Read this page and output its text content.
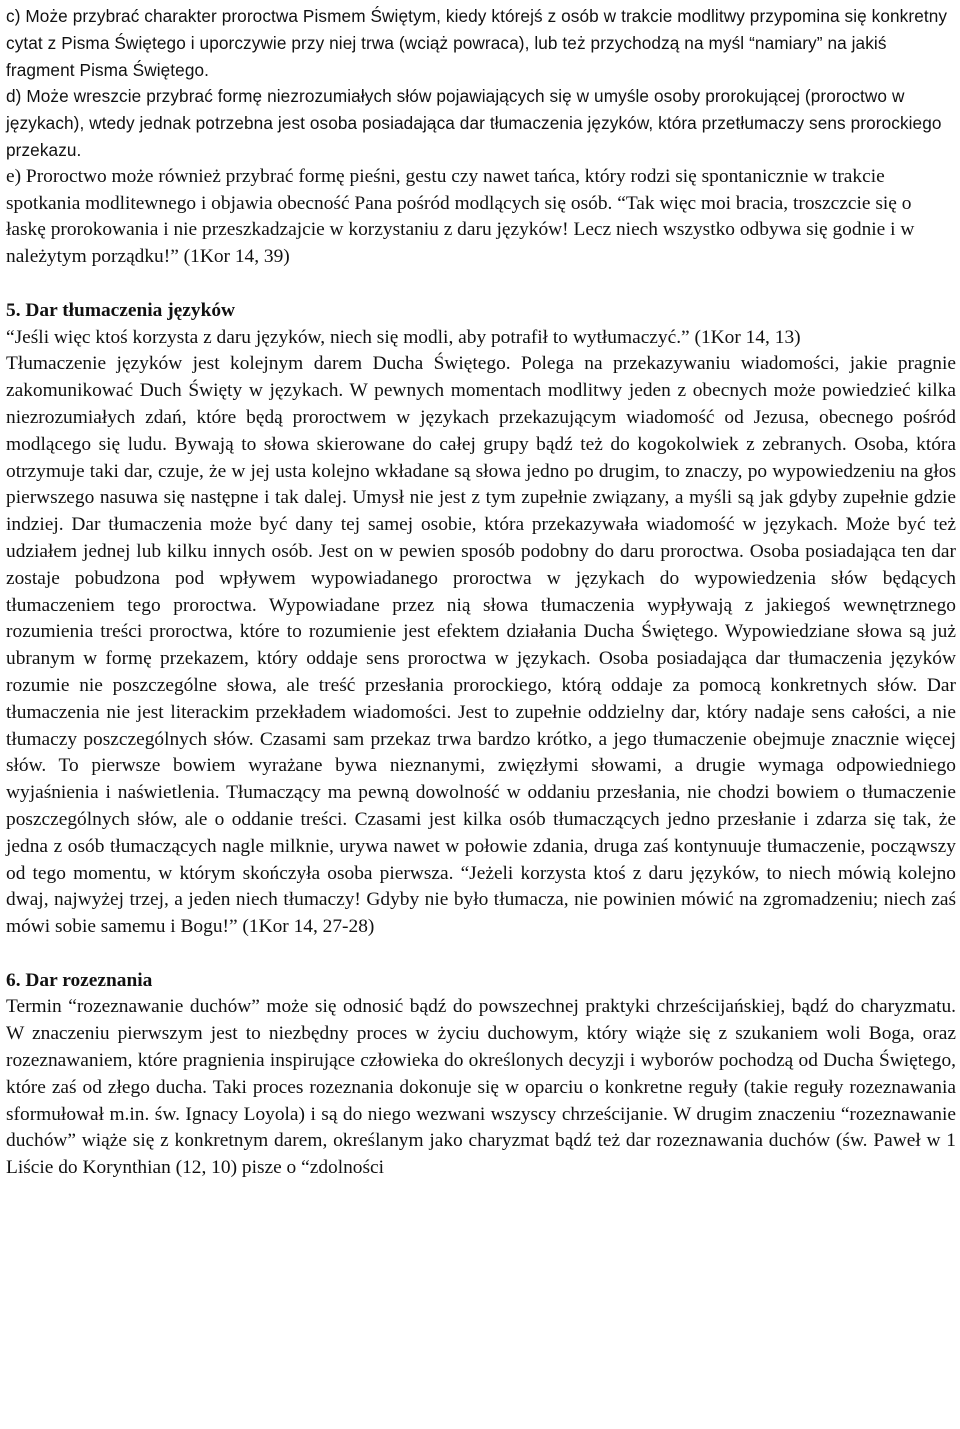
c) Może przybrać charakter proroctwa Pismem Świętym, kiedy którejś z osób w trakcie modlitwy przypomina się konkretny cytat z Pisma Świętego i uporczywie przy niej trwa (wciąż powraca), lub też przychodzą na myśl “namiary” na jakiś fragment Pisma Świętego.

d) Może wreszcie przybrać formę niezrozumiałych słów pojawiających się w umyśle osoby prorokującej (proroctwo w językach), wtedy jednak potrzebna jest osoba posiadająca dar tłumaczenia języków, która przetłumaczy sens prorockiego przekazu.

e) Proroctwo może również przybrać formę pieśni, gestu czy nawet tańca, który rodzi się spontanicznie w trakcie spotkania modlitewnego i objawia obecność Pana pośród modlących się osób. “Tak więc moi bracia, troszczcie się o łaskę prorokowania i nie przeszkadzajcie w korzystaniu z daru języków! Lecz niech wszystko odbywa się godnie i w należytym porządku!” (1Kor 14, 39)

5. Dar tłumaczenia języków

“Jeśli więc ktoś korzysta z daru języków, niech się modli, aby potrafił to wytłumaczyć.” (1Kor 14, 13)

Tłumaczenie języków jest kolejnym darem Ducha Świętego. Polega na przekazywaniu wiadomości, jakie pragnie zakomunikować Duch Święty w językach. W pewnych momentach modlitwy jeden z obecnych może powiedzieć kilka niezrozumiałych zdań, które będą proroctwem w językach przekazującym wiadomość od Jezusa, obecnego pośród modlącego się ludu. Bywają to słowa skierowane do całej grupy bądź też do kogokolwiek z zebranych. Osoba, która otrzymuje taki dar, czuje, że w jej usta kolejno wkładane są słowa jedno po drugim, to znaczy, po wypowiedzeniu na głos pierwszego nasuwa się następne i tak dalej. Umysł nie jest z tym zupełnie związany, a myśli są jak gdyby zupełnie gdzie indziej. Dar tłumaczenia może być dany tej samej osobie, która przekazywała wiadomość w językach. Może być też udziałem jednej lub kilku innych osób. Jest on w pewien sposób podobny do daru proroctwa. Osoba posiadająca ten dar zostaje pobudzona pod wpływem wypowiadanego proroctwa w językach do wypowiedzenia słów będących tłumaczeniem tego proroctwa. Wypowiadane przez nią słowa tłumaczenia wypływają z jakiegoś wewnętrznego rozumienia treści proroctwa, które to rozumienie jest efektem działania Ducha Świętego. Wypowiedziane słowa są już ubranym w formę przekazem, który oddaje sens proroctwa w językach. Osoba posiadająca dar tłumaczenia języków rozumie nie poszczególne słowa, ale treść przesłania prorockiego, którą oddaje za pomocą konkretnych słów. Dar tłumaczenia nie jest literackim przekładem wiadomości. Jest to zupełnie oddzielny dar, który nadaje sens całości, a nie tłumaczy poszczególnych słów. Czasami sam przekaz trwa bardzo krótko, a jego tłumaczenie obejmuje znacznie więcej słów. To pierwsze bowiem wyrażane bywa nieznanymi, zwięzłymi słowami, a drugie wymaga odpowiedniego wyjaśnienia i naświetlenia. Tłumaczący ma pewną dowolność w oddaniu przesłania, nie chodzi bowiem o tłumaczenie poszczególnych słów, ale o oddanie treści. Czasami jest kilka osób tłumaczących jedno przesłanie i zdarza się tak, że jedna z osób tłumaczących nagle milknie, urywa nawet w połowie zdania, druga zaś kontynuuje tłumaczenie, począwszy od tego momentu, w którym skończyła osoba pierwsza. “Jeżeli korzysta ktoś z daru języków, to niech mówią kolejno dwaj, najwyżej trzej, a jeden niech tłumaczy! Gdyby nie było tłumacza, nie powinien mówić na zgromadzeniu; niech zaś mówi sobie samemu i Bogu!” (1Kor 14, 27-28)

6. Dar rozeznania

Termin “rozeznawanie duchów” może się odnosić bądź do powszechnej praktyki chrześcijańskiej, bądź do charyzmatu. W znaczeniu pierwszym jest to niezbędny proces w życiu duchowym, który wiąże się z szukaniem woli Boga, oraz rozeznawaniem, które pragnienia inspirujące człowieka do określonych decyzji i wyborów pochodzą od Ducha Świętego, które zaś od złego ducha. Taki proces rozeznania dokonuje się w oparciu o konkretne reguły (takie reguły rozeznawania sformułował m.in. św. Ignacy Loyola) i są do niego wezwani wszyscy chrześcijanie. W drugim znaczeniu “rozeznawanie duchów” wiąże się z konkretnym darem, określanym jako charyzmat bądź też dar rozeznawania duchów (św. Paweł w 1 Liście do Korynthian (12, 10) pisze o “zdolności
